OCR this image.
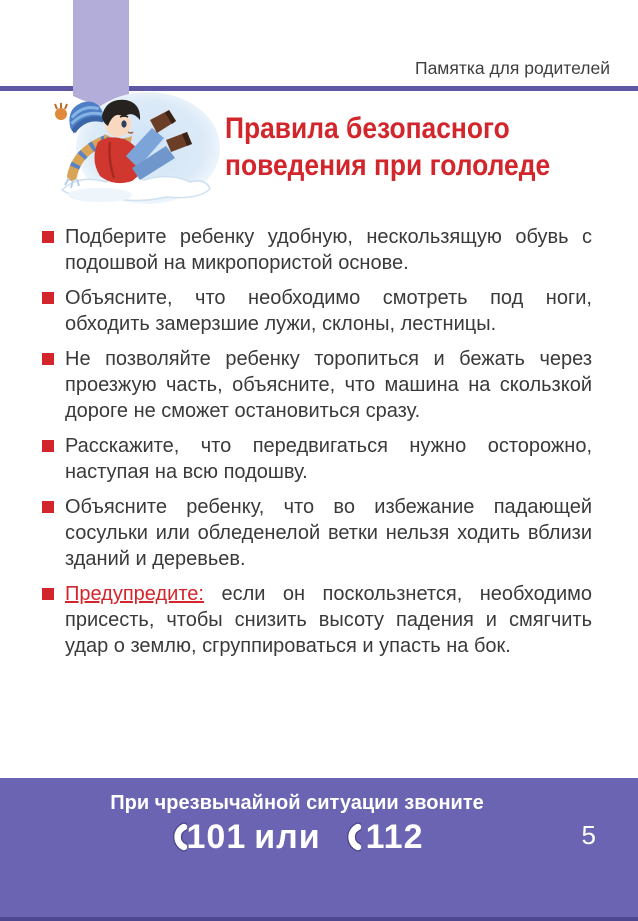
Памятка для родителей
Правила безопасного
поведения при гололеде
Подберите ребенку удобную, нескользящую обувь с подошвой на микропористой основе.
Объясните, что необходимо смотреть под ноги, обходить замерзшие лужи, склоны, лестницы.
Не позволяйте ребенку торопиться и бежать через проезжую часть, объясните, что машина на скользкой дороге не сможет остановиться сразу.
Расскажите, что передвигаться нужно осторожно, наступая на всю подошву.
Объясните ребенку, что во избежание падающей сосульки или обледенелой ветки нельзя ходить вблизи зданий и деревьев.
Предупредите: если он поскользнется, необходимо присесть, чтобы снизить высоту падения и смягчить удар о землю, сгруппироваться и упасть на бок.
При чрезвычайной ситуации звоните
101 или 112	5
